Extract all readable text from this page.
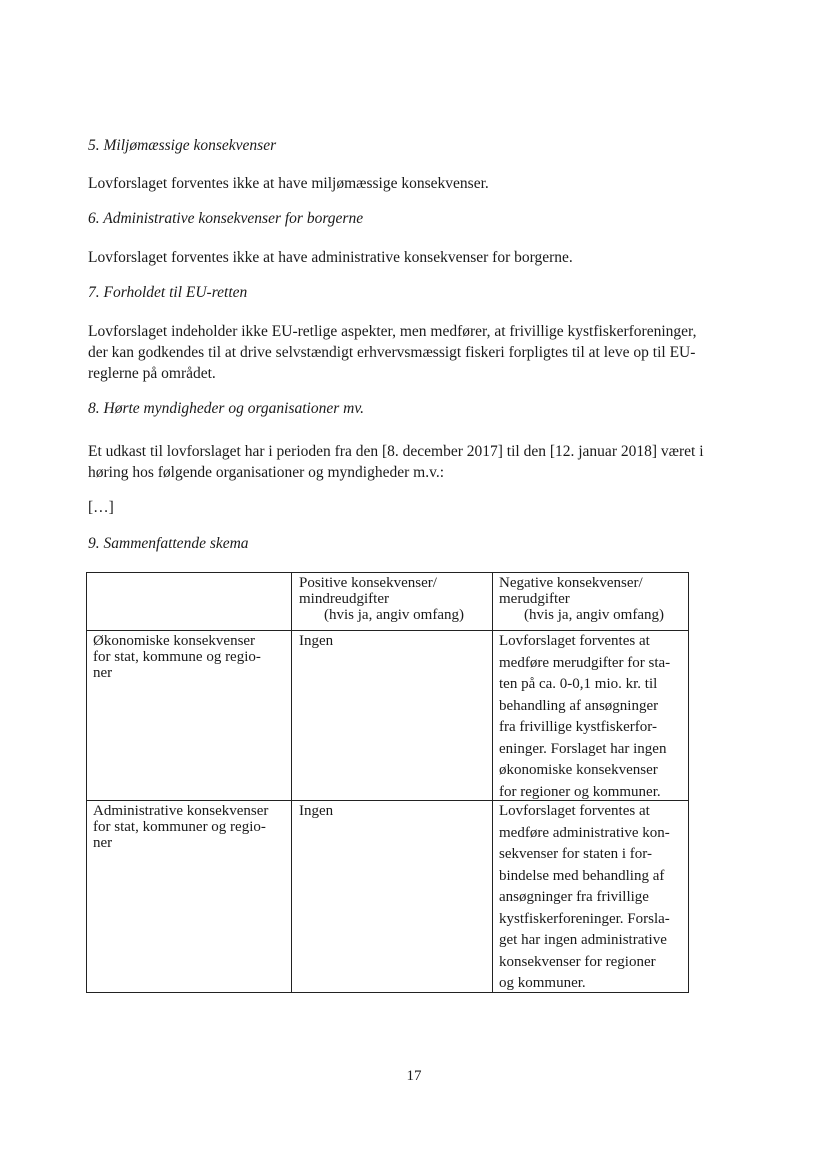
5. Miljømæssige konsekvenser
Lovforslaget forventes ikke at have miljømæssige konsekvenser.
6. Administrative konsekvenser for borgerne
Lovforslaget forventes ikke at have administrative konsekvenser for borgerne.
7. Forholdet til EU-retten
Lovforslaget indeholder ikke EU-retlige aspekter, men medfører, at frivillige kystfiskerforeninger,
der kan godkendes til at drive selvstændigt erhvervsmæssigt fiskeri forpligtes til at leve op til EU-
reglerne på området.
8. Hørte myndigheder og organisationer mv.
Et udkast til lovforslaget har i perioden fra den [8. december 2017] til den [12. januar 2018] været i
høring hos følgende organisationer og myndigheder m.v.:
[…]
9. Sammenfattende skema
Positive konsekvenser/
mindreudgifter
(hvis ja, angiv omfang)
Negative konsekvenser/
merudgifter
(hvis ja, angiv omfang)
Økonomiske konsekvenser
for stat, kommune og regio-
ner
Ingen	Lovforslaget forventes at
medføre merudgifter for sta-
ten på ca. 0-0,1 mio. kr. til
behandling af ansøgninger
fra frivillige kystfiskerfor-
eninger. Forslaget har ingen
økonomiske konsekvenser
for regioner og kommuner.
Administrative konsekvenser
for stat, kommuner og regio-
ner
Ingen	Lovforslaget forventes at
medføre administrative kon-
sekvenser for staten i for-
bindelse med behandling af
ansøgninger fra frivillige
kystfiskerforeninger. Forsla-
get har ingen administrative
konsekvenser for regioner
og kommuner.
17
